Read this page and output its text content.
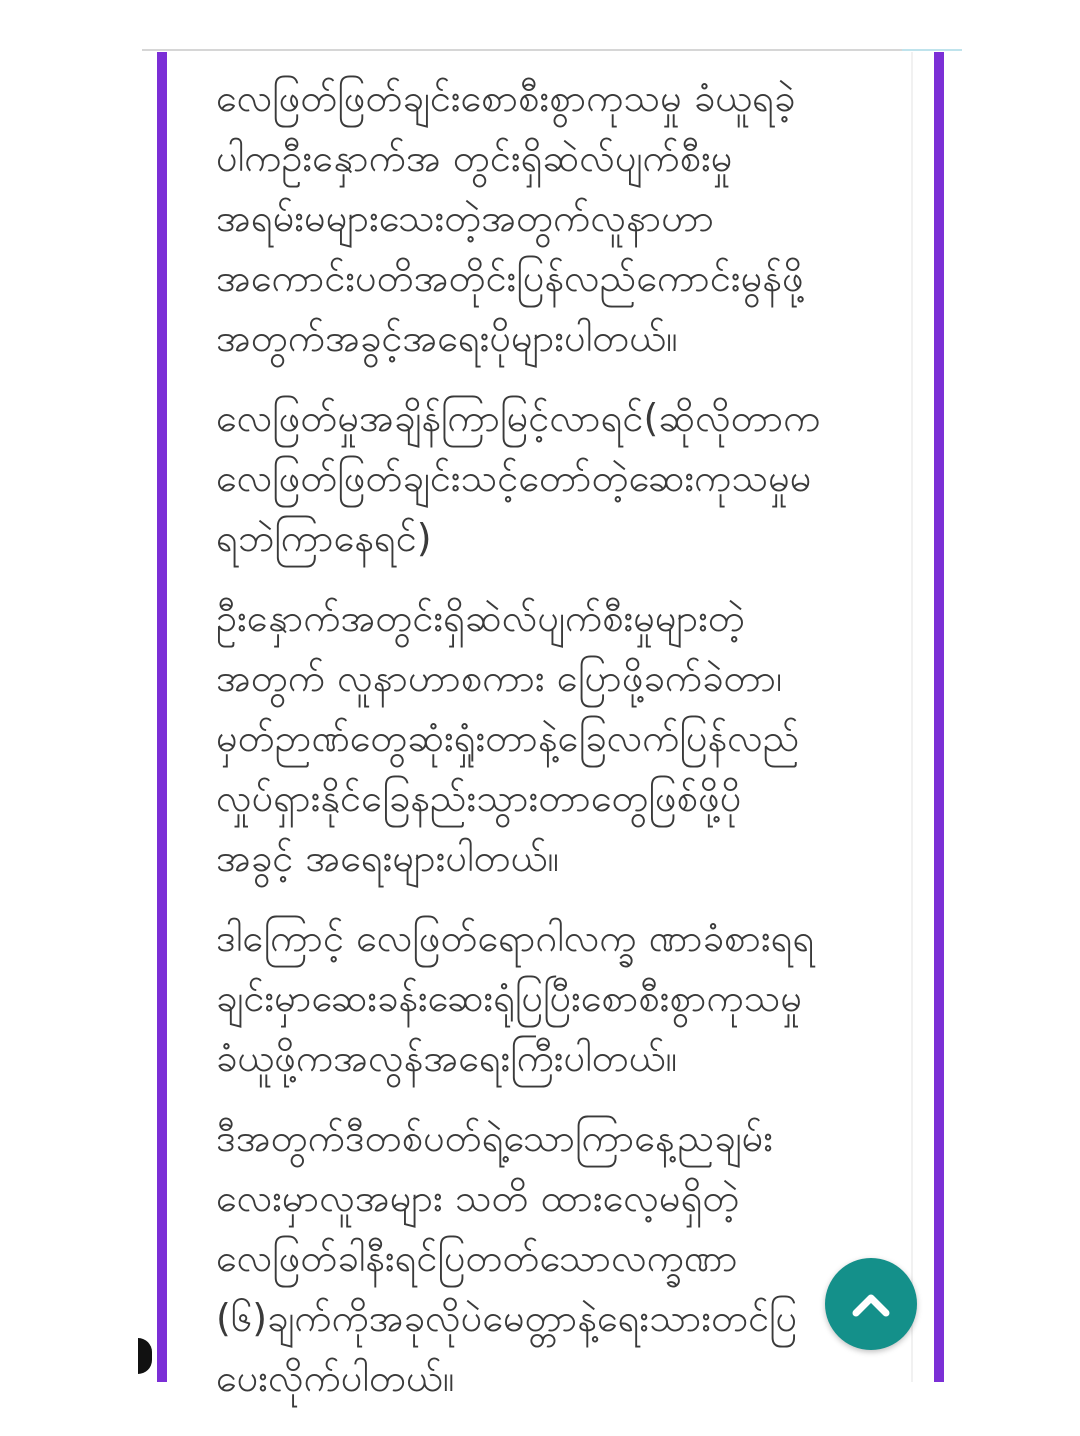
လေဖြတ်ဖြတ်ချင်းစောစီးစွာကုသမှု ခံယူရခဲ့
ပါကဦးနှောက်အ တွင်းရှိဆဲလ်ပျက်စီးမှု
အရမ်းမများသေးတဲ့အတွက်လူနာဟာ
အကောင်းပတိအတိုင်းပြန်လည်ကောင်းမွန်ဖို့
အတွက်အခွင့်အရေးပိုများပါတယ်။

လေဖြတ်မှုအချိန်ကြာမြင့်လာရင်(ဆိုလိုတာက
လေဖြတ်ဖြတ်ချင်းသင့်တော်တဲ့ဆေးကုသမှုမ
ရဘဲကြာနေရင်)

ဦးနှောက်အတွင်းရှိဆဲလ်ပျက်စီးမှုများတဲ့
အတွက် လူနာဟာစကား ပြောဖို့ခက်ခဲတာ၊
မှတ်ဉာဏ်တွေဆုံးရှုံးတာနဲ့ခြေလက်ပြန်လည်
လှုပ်ရှားနိုင်ခြေနည်းသွားတာတွေဖြစ်ဖို့ပို
အခွင့် အရေးများပါတယ်။

ဒါကြောင့် လေဖြတ်ရောဂါလက္ခ ဏာခံစားရရ
ချင်းမှာဆေးခန်းဆေးရုံပြပြီးစောစီးစွာကုသမှု
ခံယူဖို့ကအလွန်အရေးကြီးပါတယ်။

ဒီအတွက်ဒီတစ်ပတ်ရဲ့သောကြာနေ့ညချမ်း
လေးမှာလူအများ သတိ ထားလေ့မရှိတဲ့
လေဖြတ်ခါနီးရင်ပြတတ်သောလက္ခဏာ
(၆)ချက်ကိုအခုလိုပဲမေတ္တာနဲ့ရေးသားတင်ပြ
ပေးလိုက်ပါတယ်။
